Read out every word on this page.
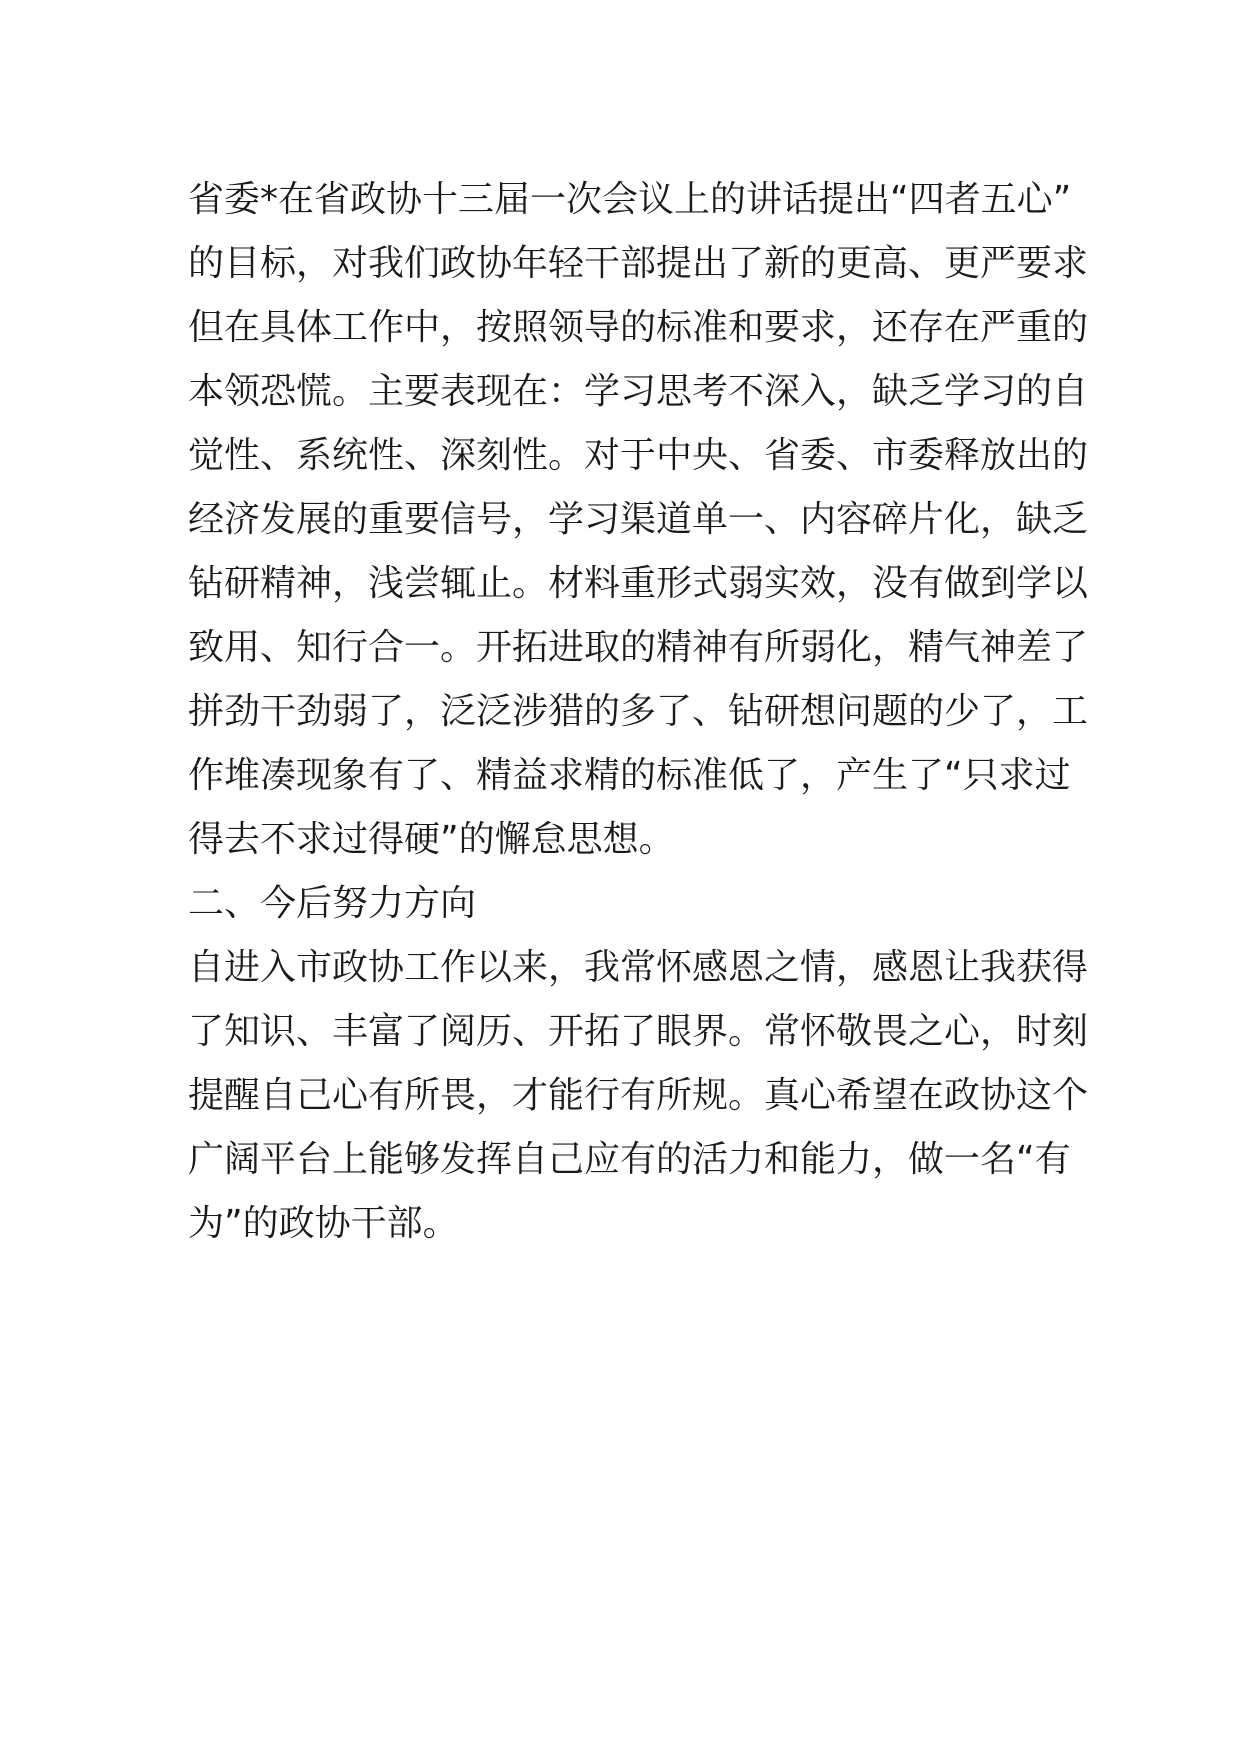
省委*在省政协十三届一次会议上的讲话提出“四者五心”
的目标，对我们政协年轻干部提出了新的更高、更严要求
但在具体工作中，按照领导的标准和要求，还存在严重的
本领恐慌。主要表现在：学习思考不深入，缺乏学习的自
觉性、系统性、深刻性。对于中央、省委、市委释放出的
经济发展的重要信号，学习渠道单一、内容碎片化，缺乏
钻研精神，浅尝辄止。材料重形式弱实效，没有做到学以
致用、知行合一。开拓进取的精神有所弱化，精气神差了
拼劲干劲弱了，泛泛涉猎的多了、钻研想问题的少了，工
作堆凑现象有了、精益求精的标准低了，产生了“只求过
得去不求过得硬”的懈怠思想。
二、今后努力方向
自进入市政协工作以来，我常怀感恩之情，感恩让我获得
了知识、丰富了阅历、开拓了眼界。常怀敬畏之心，时刻
提醒自己心有所畏，才能行有所规。真心希望在政协这个
广阔平台上能够发挥自己应有的活力和能力，做一名“有
为”的政协干部。
